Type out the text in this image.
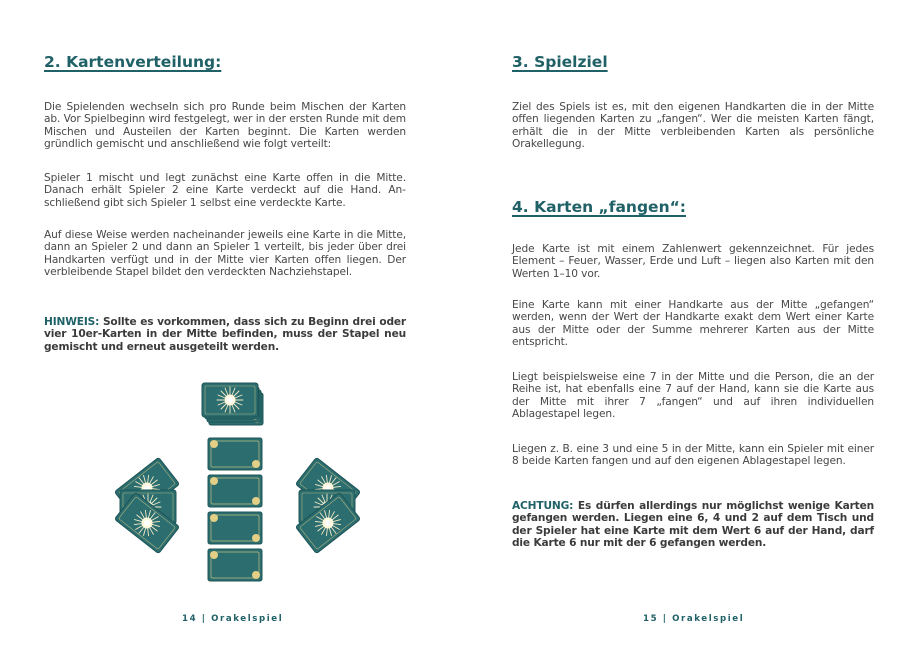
2. Kartenverteilung:

Die Spielenden wechseln sich pro Runde beim Mischen der Karten ab. Vor Spielbeginn wird festgelegt, wer in der ersten Runde mit dem Mischen und Austeilen der Karten beginnt. Die Karten werden gründlich gemischt und anschließend wie folgt verteilt:

Spieler 1 mischt und legt zunächst eine Karte offen in die Mitte. Danach erhält Spieler 2 eine Karte verdeckt auf die Hand. Anschließend gibt sich Spieler 1 selbst eine verdeckte Karte.

Auf diese Weise werden nacheinander jeweils eine Karte in die Mitte, dann an Spieler 2 und dann an Spieler 1 verteilt, bis jeder über drei Handkarten verfügt und in der Mitte vier Karten offen liegen. Der verbleibende Stapel bildet den verdeckten Nachziehstapel.

HINWEIS: Sollte es vorkommen, dass sich zu Beginn drei oder vier 10er-Karten in der Mitte befinden, muss der Stapel neu gemischt und erneut ausgeteilt werden.

14 | Orakelspiel

3. Spielziel

Ziel des Spiels ist es, mit den eigenen Handkarten die in der Mitte offen liegenden Karten zu „fangen“. Wer die meisten Karten fängt, erhält die in der Mitte verbleibenden Karten als persönliche Orakellegung.

4. Karten „fangen“:

Jede Karte ist mit einem Zahlenwert gekennzeichnet. Für jedes Element – Feuer, Wasser, Erde und Luft – liegen also Karten mit den Werten 1–10 vor.

Eine Karte kann mit einer Handkarte aus der Mitte „gefangen“ werden, wenn der Wert der Handkarte exakt dem Wert einer Karte aus der Mitte oder der Summe mehrerer Karten aus der Mitte entspricht.

Liegt beispielsweise eine 7 in der Mitte und die Person, die an der Reihe ist, hat ebenfalls eine 7 auf der Hand, kann sie die Karte aus der Mitte mit ihrer 7 „fangen“ und auf ihren individuellen Ablagestapel legen.

Liegen z. B. eine 3 und eine 5 in der Mitte, kann ein Spieler mit einer 8 beide Karten fangen und auf den eigenen Ablagestapel legen.

ACHTUNG: Es dürfen allerdings nur möglichst wenige Karten gefangen werden. Liegen eine 6, 4 und 2 auf dem Tisch und der Spieler hat eine Karte mit dem Wert 6 auf der Hand, darf die Karte 6 nur mit der 6 gefangen werden.

15 | Orakelspiel
